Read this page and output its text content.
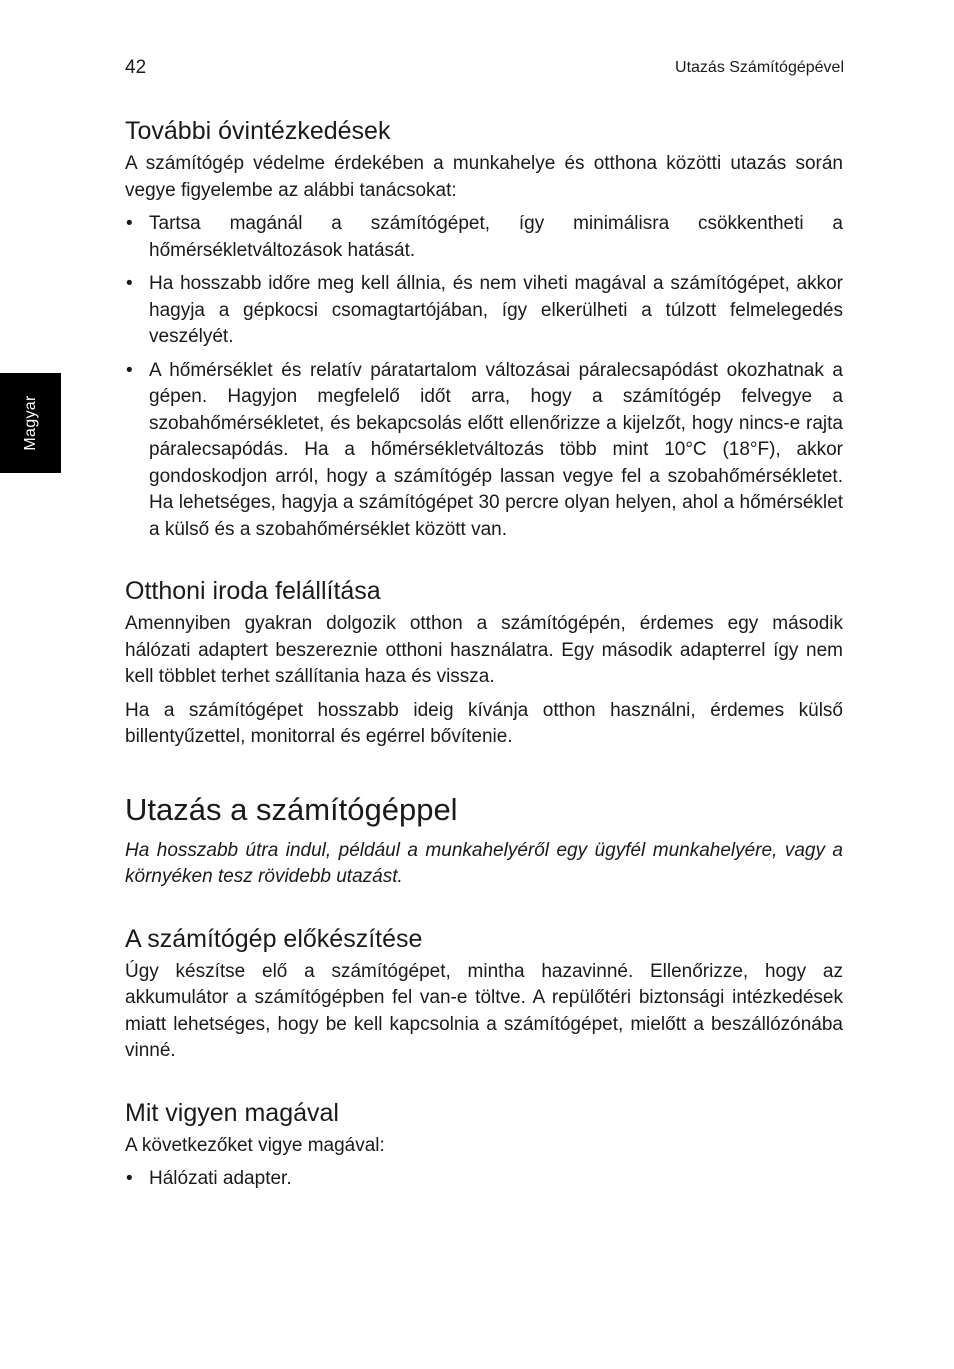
42	Utazás Számítógépével
Magyar
További óvintézkedések

A számítógép védelme érdekében a munkahelye és otthona közötti utazás során vegye figyelembe az alábbi tanácsokat:

• Tartsa magánál a számítógépet, így minimálisra csökkentheti a hőmérsékletváltozások hatását.
• Ha hosszabb időre meg kell állnia, és nem viheti magával a számítógépet, akkor hagyja a gépkocsi csomagtartójában, így elkerülheti a túlzott felmelegedés veszélyét.
• A hőmérséklet és relatív páratartalom változásai páralecsapódást okozhatnak a gépen. Hagyjon megfelelő időt arra, hogy a számítógép felvegye a szobahőmérsékletet, és bekapcsolás előtt ellenőrizze a kijelzőt, hogy nincs-e rajta páralecsapódás. Ha a hőmérsékletváltozás több mint 10°C (18°F), akkor gondoskodjon arról, hogy a számítógép lassan vegye fel a szobahőmérsékletet. Ha lehetséges, hagyja a számítógépet 30 percre olyan helyen, ahol a hőmérséklet a külső és a szobahőmérséklet között van.
Otthoni iroda felállítása

Amennyiben gyakran dolgozik otthon a számítógépén, érdemes egy második hálózati adaptert beszereznie otthoni használatra. Egy második adapterrel így nem kell többlet terhet szállítania haza és vissza.

Ha a számítógépet hosszabb ideig kívánja otthon használni, érdemes külső billentyűzettel, monitorral és egérrel bővítenie.

Utazás a számítógéppel

Ha hosszabb útra indul, például a munkahelyéről egy ügyfél munkahelyére, vagy a környéken tesz rövidebb utazást.

A számítógép előkészítése

Úgy készítse elő a számítógépet, mintha hazavinné. Ellenőrizze, hogy az akkumulátor a számítógépben fel van-e töltve. A repülőtéri biztonsági intézkedések miatt lehetséges, hogy be kell kapcsolnia a számítógépet, mielőtt a beszállózónába vinné.

Mit vigyen magával

A következőket vigye magával:

• Hálózati adapter.
